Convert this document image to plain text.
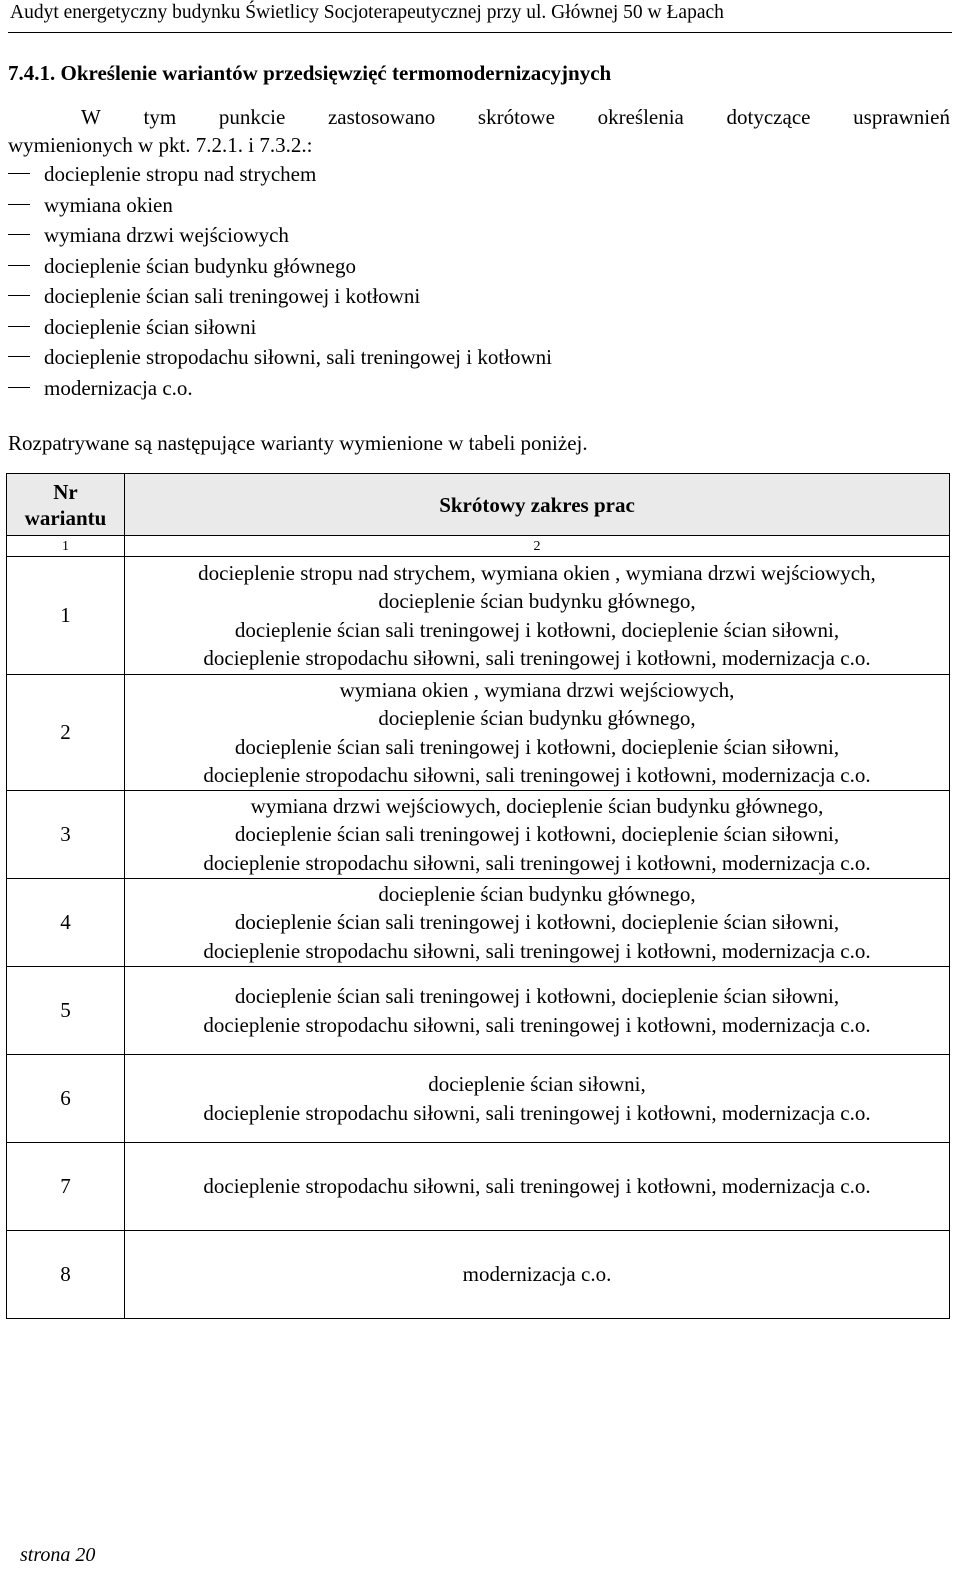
Audyt energetyczny budynku Świetlicy Socjoterapeutycznej przy ul. Głównej 50 w Łapach
7.4.1. Określenie wariantów przedsięwzięć termomodernizacyjnych
W tym punkcie zastosowano skrótowe określenia dotyczące usprawnień
wymienionych w pkt. 7.2.1. i 7.3.2.:
docieplenie stropu nad strychem
wymiana okien
wymiana drzwi wejściowych
docieplenie ścian budynku głównego
docieplenie ścian sali treningowej i kotłowni
docieplenie ścian siłowni
docieplenie stropodachu siłowni, sali treningowej i kotłowni
modernizacja c.o.
Rozpatrywane są następujące warianty wymienione w tabeli poniżej.
Nr
wariantu	Skrótowy zakres prac
1	2
1	docieplenie stropu nad strychem, wymiana okien , wymiana drzwi wejściowych,
docieplenie ścian budynku głównego,
docieplenie ścian sali treningowej i kotłowni, docieplenie ścian siłowni,
docieplenie stropodachu siłowni, sali treningowej i kotłowni, modernizacja c.o.

2	wymiana okien , wymiana drzwi wejściowych,
docieplenie ścian budynku głównego,
docieplenie ścian sali treningowej i kotłowni, docieplenie ścian siłowni,
docieplenie stropodachu siłowni, sali treningowej i kotłowni, modernizacja c.o.

3	wymiana drzwi wejściowych, docieplenie ścian budynku głównego,
docieplenie ścian sali treningowej i kotłowni, docieplenie ścian siłowni,
docieplenie stropodachu siłowni, sali treningowej i kotłowni, modernizacja c.o.

4	docieplenie ścian budynku głównego,
docieplenie ścian sali treningowej i kotłowni, docieplenie ścian siłowni,
docieplenie stropodachu siłowni, sali treningowej i kotłowni, modernizacja c.o.

5	docieplenie ścian sali treningowej i kotłowni, docieplenie ścian siłowni,
docieplenie stropodachu siłowni, sali treningowej i kotłowni, modernizacja c.o.

6	docieplenie ścian siłowni,
docieplenie stropodachu siłowni, sali treningowej i kotłowni, modernizacja c.o.

7	docieplenie stropodachu siłowni, sali treningowej i kotłowni, modernizacja c.o.

8	modernizacja c.o.
strona 20
